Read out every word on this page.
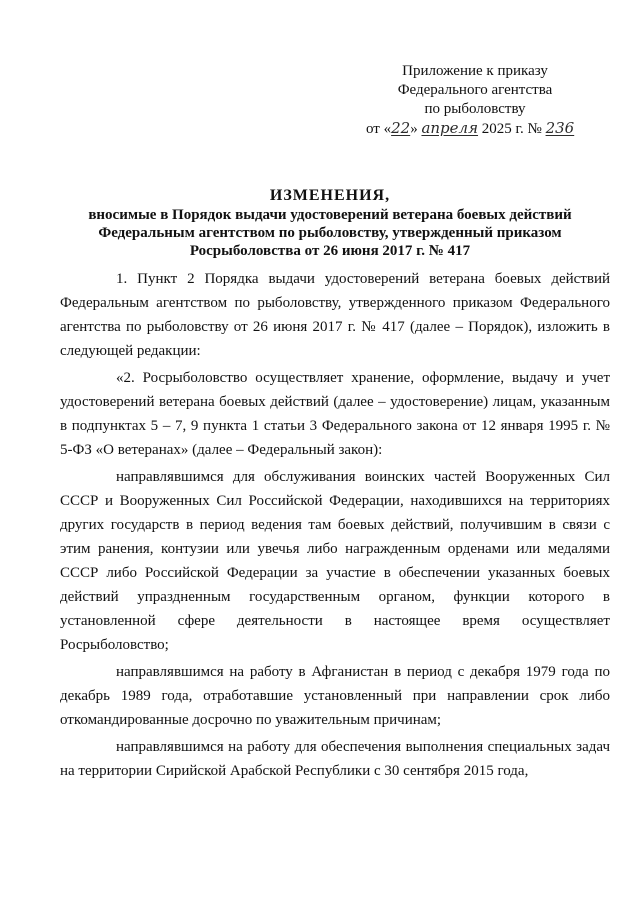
Приложение к приказу
Федерального агентства
по рыболовству
от «22» апреля 2025 г. № 236
ИЗМЕНЕНИЯ,
вносимые в Порядок выдачи удостоверений ветерана боевых действий
Федеральным агентством по рыболовству, утвержденный приказом
Росрыболовства от 26 июня 2017 г. № 417

1. Пункт 2 Порядка выдачи удостоверений ветерана боевых действий Федеральным агентством по рыболовству, утвержденного приказом Федерального агентства по рыболовству от 26 июня 2017 г. № 417 (далее – Порядок), изложить в следующей редакции:

«2. Росрыболовство осуществляет хранение, оформление, выдачу и учет удостоверений ветерана боевых действий (далее – удостоверение) лицам, указанным в подпунктах 5 – 7, 9 пункта 1 статьи 3 Федерального закона от 12 января 1995 г. № 5-ФЗ «О ветеранах» (далее – Федеральный закон):

направлявшимся для обслуживания воинских частей Вооруженных Сил СССР и Вооруженных Сил Российской Федерации, находившихся на территориях других государств в период ведения там боевых действий, получившим в связи с этим ранения, контузии или увечья либо награжденным орденами или медалями СССР либо Российской Федерации за участие в обеспечении указанных боевых действий упраздненным государственным органом, функции которого в установленной сфере деятельности в настоящее время осуществляет Росрыболовство;

направлявшимся на работу в Афганистан в период с декабря 1979 года по декабрь 1989 года, отработавшие установленный при направлении срок либо откомандированные досрочно по уважительным причинам;

направлявшимся на работу для обеспечения выполнения специальных задач на территории Сирийской Арабской Республики с 30 сентября 2015 года,
